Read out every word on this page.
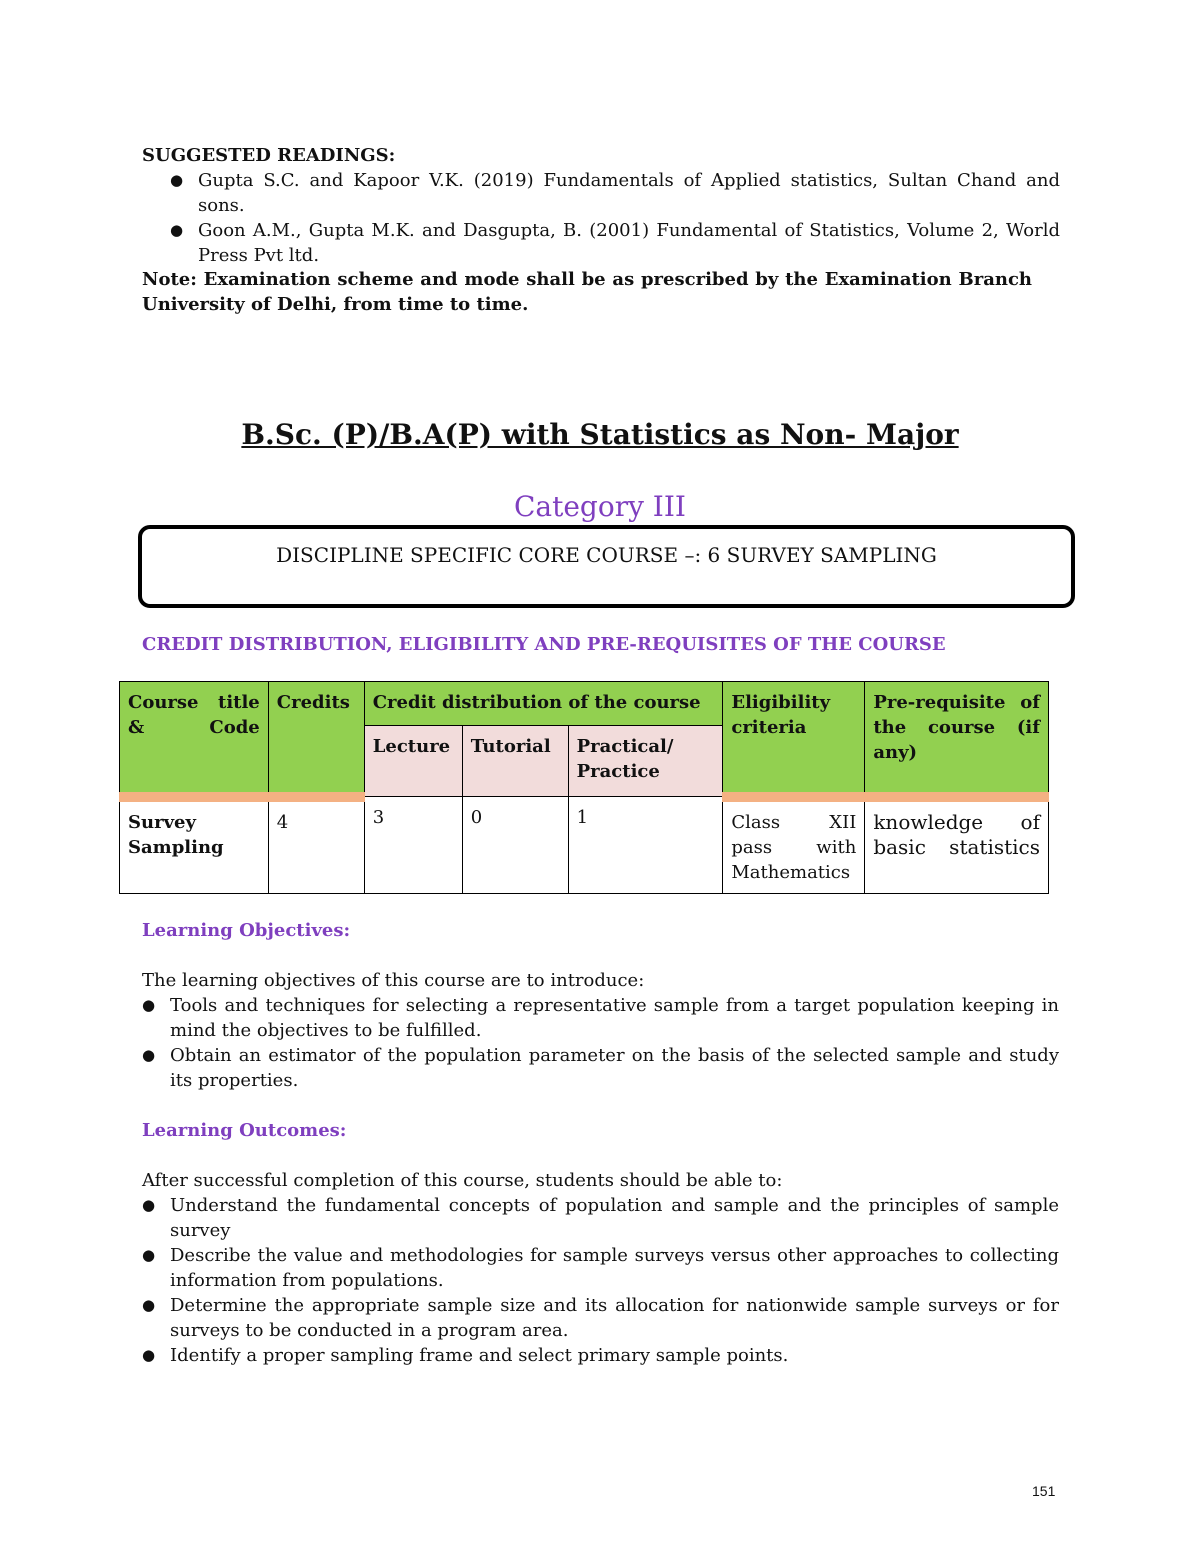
SUGGESTED READINGS:
● Gupta S.C. and Kapoor V.K. (2019) Fundamentals of Applied statistics, Sultan Chand and sons.
● Goon A.M., Gupta M.K. and Dasgupta, B. (2001) Fundamental of Statistics, Volume 2, World Press Pvt ltd.
Note: Examination scheme and mode shall be as prescribed by the Examination Branch University of Delhi, from time to time.
B.Sc. (P)/B.A(P) with Statistics as Non- Major
Category III
DISCIPLINE SPECIFIC CORE COURSE –: 6 SURVEY SAMPLING
CREDIT DISTRIBUTION, ELIGIBILITY AND PRE-REQUISITES OF THE COURSE
Course title & Code	Credits	Credit distribution of the course			Eligibility criteria	Pre-requisite of the course (if any)

		Lecture	Tutorial	Practical/ Practice		
Survey Sampling	4	3	0	1	Class XII pass with Mathematics	knowledge of basic statistics
Learning Objectives:
The learning objectives of this course are to introduce:
● Tools and techniques for selecting a representative sample from a target population keeping in mind the objectives to be fulfilled.
● Obtain an estimator of the population parameter on the basis of the selected sample and study its properties.
Learning Outcomes:
After successful completion of this course, students should be able to:
● Understand the fundamental concepts of population and sample and the principles of sample survey
● Describe the value and methodologies for sample surveys versus other approaches to collecting information from populations.
● Determine the appropriate sample size and its allocation for nationwide sample surveys or for surveys to be conducted in a program area.
● Identify a proper sampling frame and select primary sample points.
151
